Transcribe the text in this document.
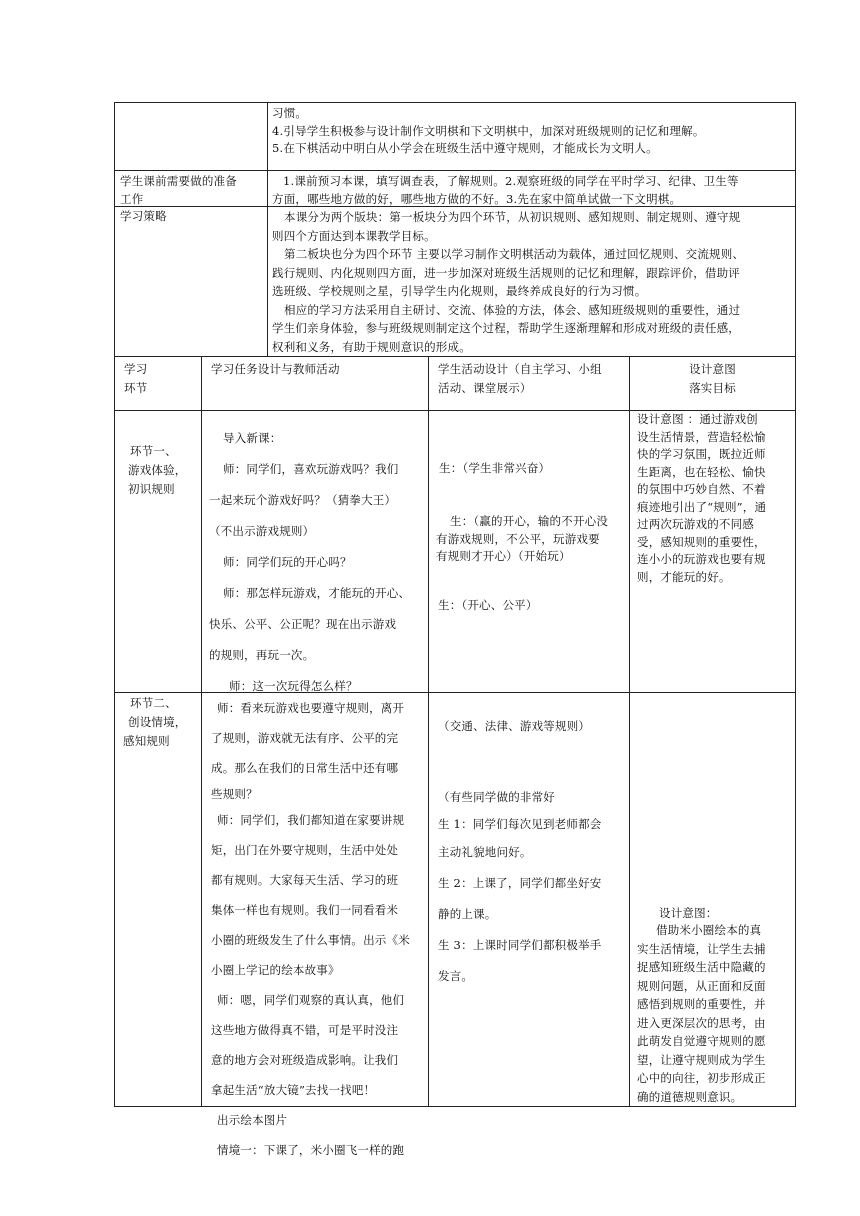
习惯。

4.引导学生积极参与设计制作文明棋和下文明棋中，加深对班级规则的记忆和理解。

5.在下棋活动中明白从小学会在班级生活中遵守规则，才能成长为文明人。

学生课前需要做的准备

工作

1.课前预习本课，填写调查表，了解规则。2.观察班级的同学在平时学习、纪律、卫生等

方面，哪些地方做的好，哪些地方做的不好。3.先在家中简单试做一下文明棋。

学习策略	本课分为两个版块：第一板块分为四个环节，从初识规则、感知规则、制定规则、遵守规

则四个方面达到本课教学目标。

第二板块也分为四个环节 主要以学习制作文明棋活动为载体，通过回忆规则、交流规则、

践行规则、内化规则四方面，进一步加深对班级生活规则的记忆和理解，跟踪评价，借助评

选班级、学校规则之星，引导学生内化规则，最终养成良好的行为习惯。

相应的学习方法采用自主研讨、交流、体验的方法，体会、感知班级规则的重要性，通过

学生们亲身体验，参与班级规则制定这个过程，帮助学生逐渐理解和形成对班级的责任感，

权利和义务，有助于规则意识的形成。

学习

环节

学习任务设计与教师活动	学生活动设计（自主学习、小组

活动、课堂展示）

设计意图

落实目标

环节一、

游戏体验，

初识规则

导入新课：

师：同学们，喜欢玩游戏吗？我们

一起来玩个游戏好吗？（猜拳大王）

（不出示游戏规则）

师：同学们玩的开心吗？

师：那怎样玩游戏，才能玩的开心、

快乐、公平、公正呢？现在出示游戏

的规则，再玩一次。

师：这一次玩得怎么样？

生：（学生非常兴奋）

生：（赢的开心，输的不开心没

有游戏规则，不公平，玩游戏要

有规则才开心）（开始玩）

生：（开心、公平）

设计意图 ：通过游戏创

设生活情景，营造轻松愉

快的学习氛围，既拉近师

生距离，也在轻松、愉快

的氛围中巧妙自然、不着

痕迹地引出了“规则”，通

过两次玩游戏的不同感

受，感知规则的重要性，

连小小的玩游戏也要有规

则，才能玩的好。

环节二、

创设情境，

感知规则

师：看来玩游戏也要遵守规则，离开

了规则，游戏就无法有序、公平的完

成。那么在我们的日常生活中还有哪

些规则？

师：同学们，我们都知道在家要讲规

矩，出门在外要守规则，生活中处处

都有规则。大家每天生活、学习的班

集体一样也有规则。我们一同看看米

小圈的班级发生了什么事情。出示《米

小圈上学记的绘本故事》

师：嗯，同学们观察的真认真，他们

这些地方做得真不错，可是平时没注

意的地方会对班级造成影响。让我们

拿起生活“放大镜”去找一找吧！

出示绘本图片

情境一：下课了，米小圈飞一样的跑

（交通、法律、游戏等规则）

（有些同学做的非常好

生 1：同学们每次见到老师都会

主动礼貌地问好。

生 2：上课了，同学们都坐好安

静的上课。

生 3：上课时同学们都积极举手

发言。

设计意图：

借助米小圈绘本的真

实生活情境，让学生去捕

捉感知班级生活中隐藏的

规则问题，从正面和反面

感悟到规则的重要性，并

进入更深层次的思考，由

此萌发自觉遵守规则的愿

望，让遵守规则成为学生

心中的向往，初步形成正

确的道德规则意识。
